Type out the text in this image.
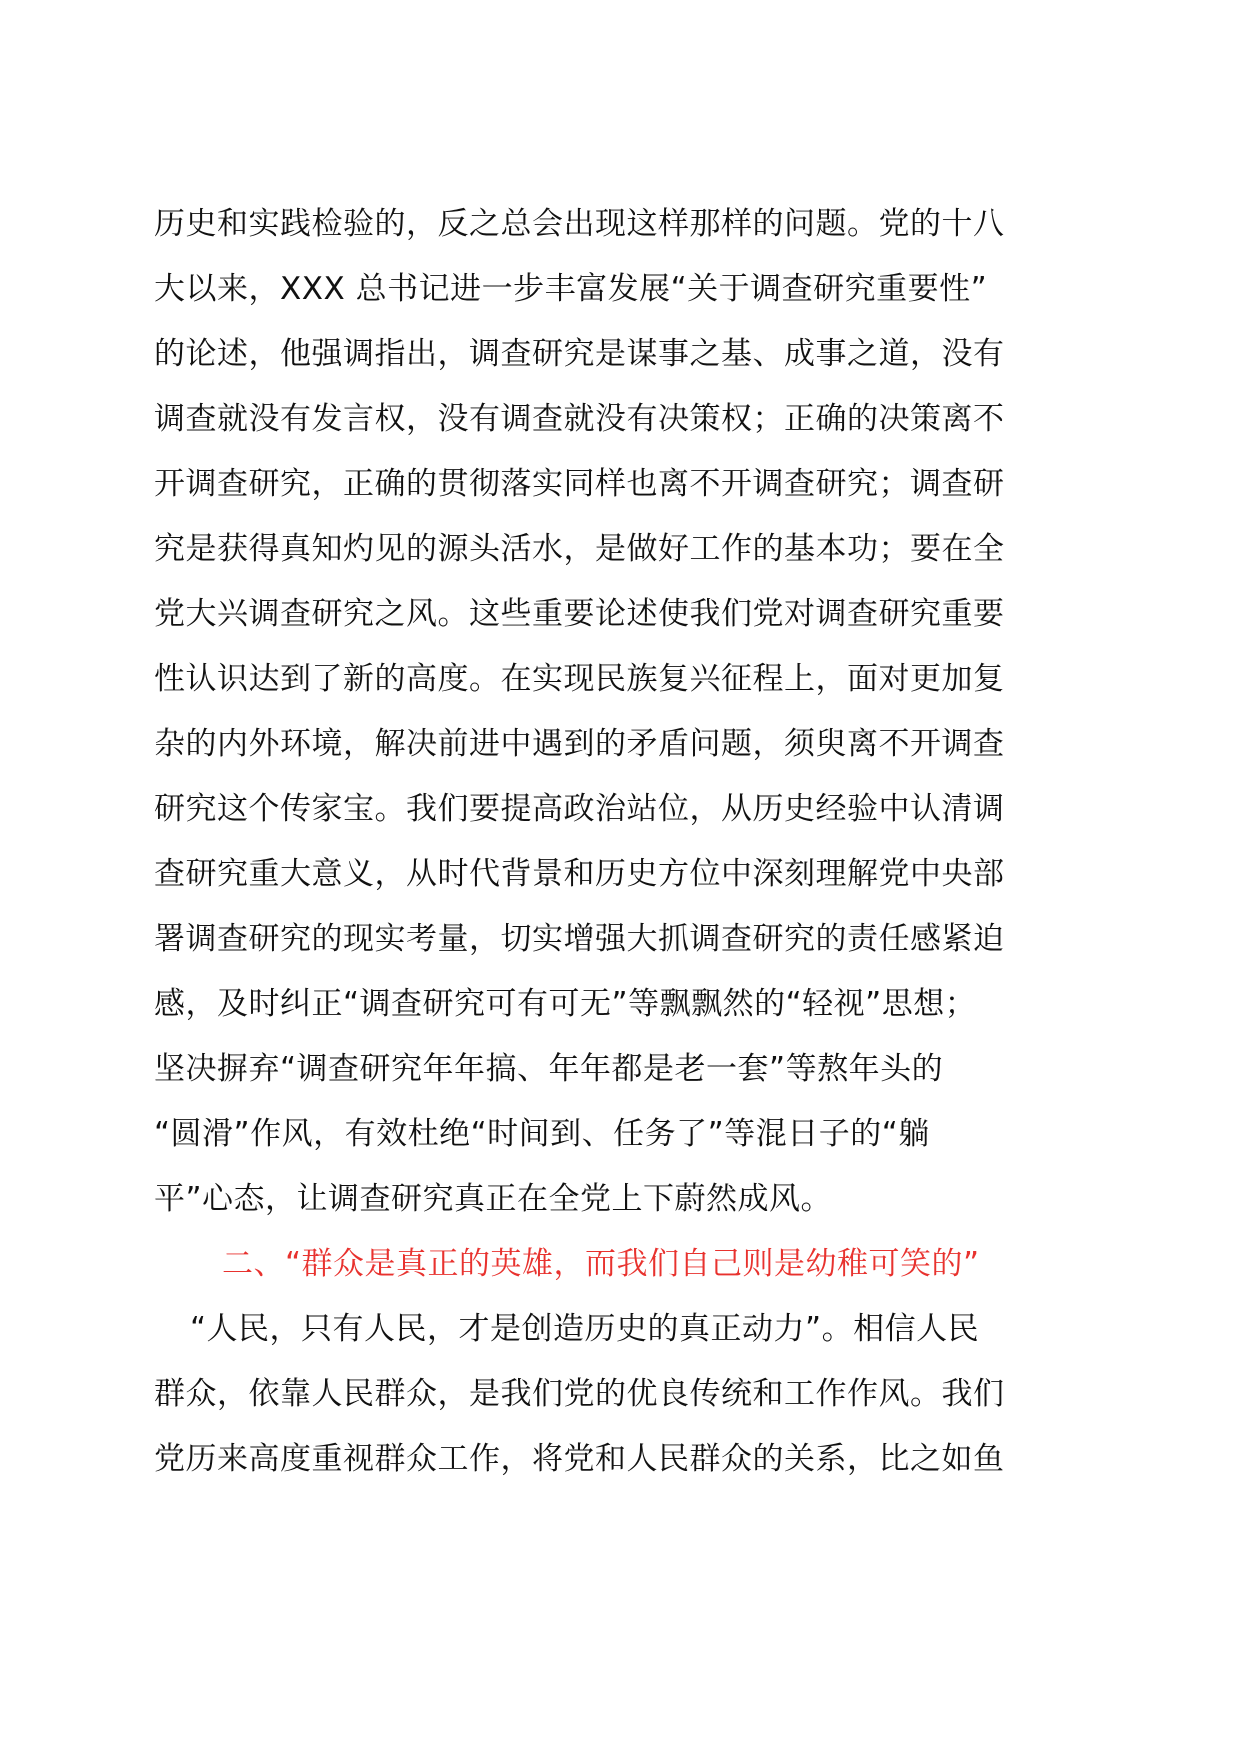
历史和实践检验的，反之总会出现这样那样的问题。党的十八
大以来，XXX 总书记进一步丰富发展“关于调查研究重要性”
的论述，他强调指出，调查研究是谋事之基、成事之道，没有
调查就没有发言权，没有调查就没有决策权；正确的决策离不
开调查研究，正确的贯彻落实同样也离不开调查研究；调查研
究是获得真知灼见的源头活水，是做好工作的基本功；要在全
党大兴调查研究之风。这些重要论述使我们党对调查研究重要
性认识达到了新的高度。在实现民族复兴征程上，面对更加复
杂的内外环境，解决前进中遇到的矛盾问题，须臾离不开调查
研究这个传家宝。我们要提高政治站位，从历史经验中认清调
查研究重大意义，从时代背景和历史方位中深刻理解党中央部
署调查研究的现实考量，切实增强大抓调查研究的责任感紧迫
感，及时纠正“调查研究可有可无”等飘飘然的“轻视”思想；
坚决摒弃“调查研究年年搞、年年都是老一套”等熬年头的
“圆滑”作风，有效杜绝“时间到、任务了”等混日子的“躺
平”心态，让调查研究真正在全党上下蔚然成风。
二、“群众是真正的英雄，而我们自己则是幼稚可笑的”
“人民，只有人民，才是创造历史的真正动力”。相信人民
群众，依靠人民群众，是我们党的优良传统和工作作风。我们
党历来高度重视群众工作，将党和人民群众的关系，比之如鱼
